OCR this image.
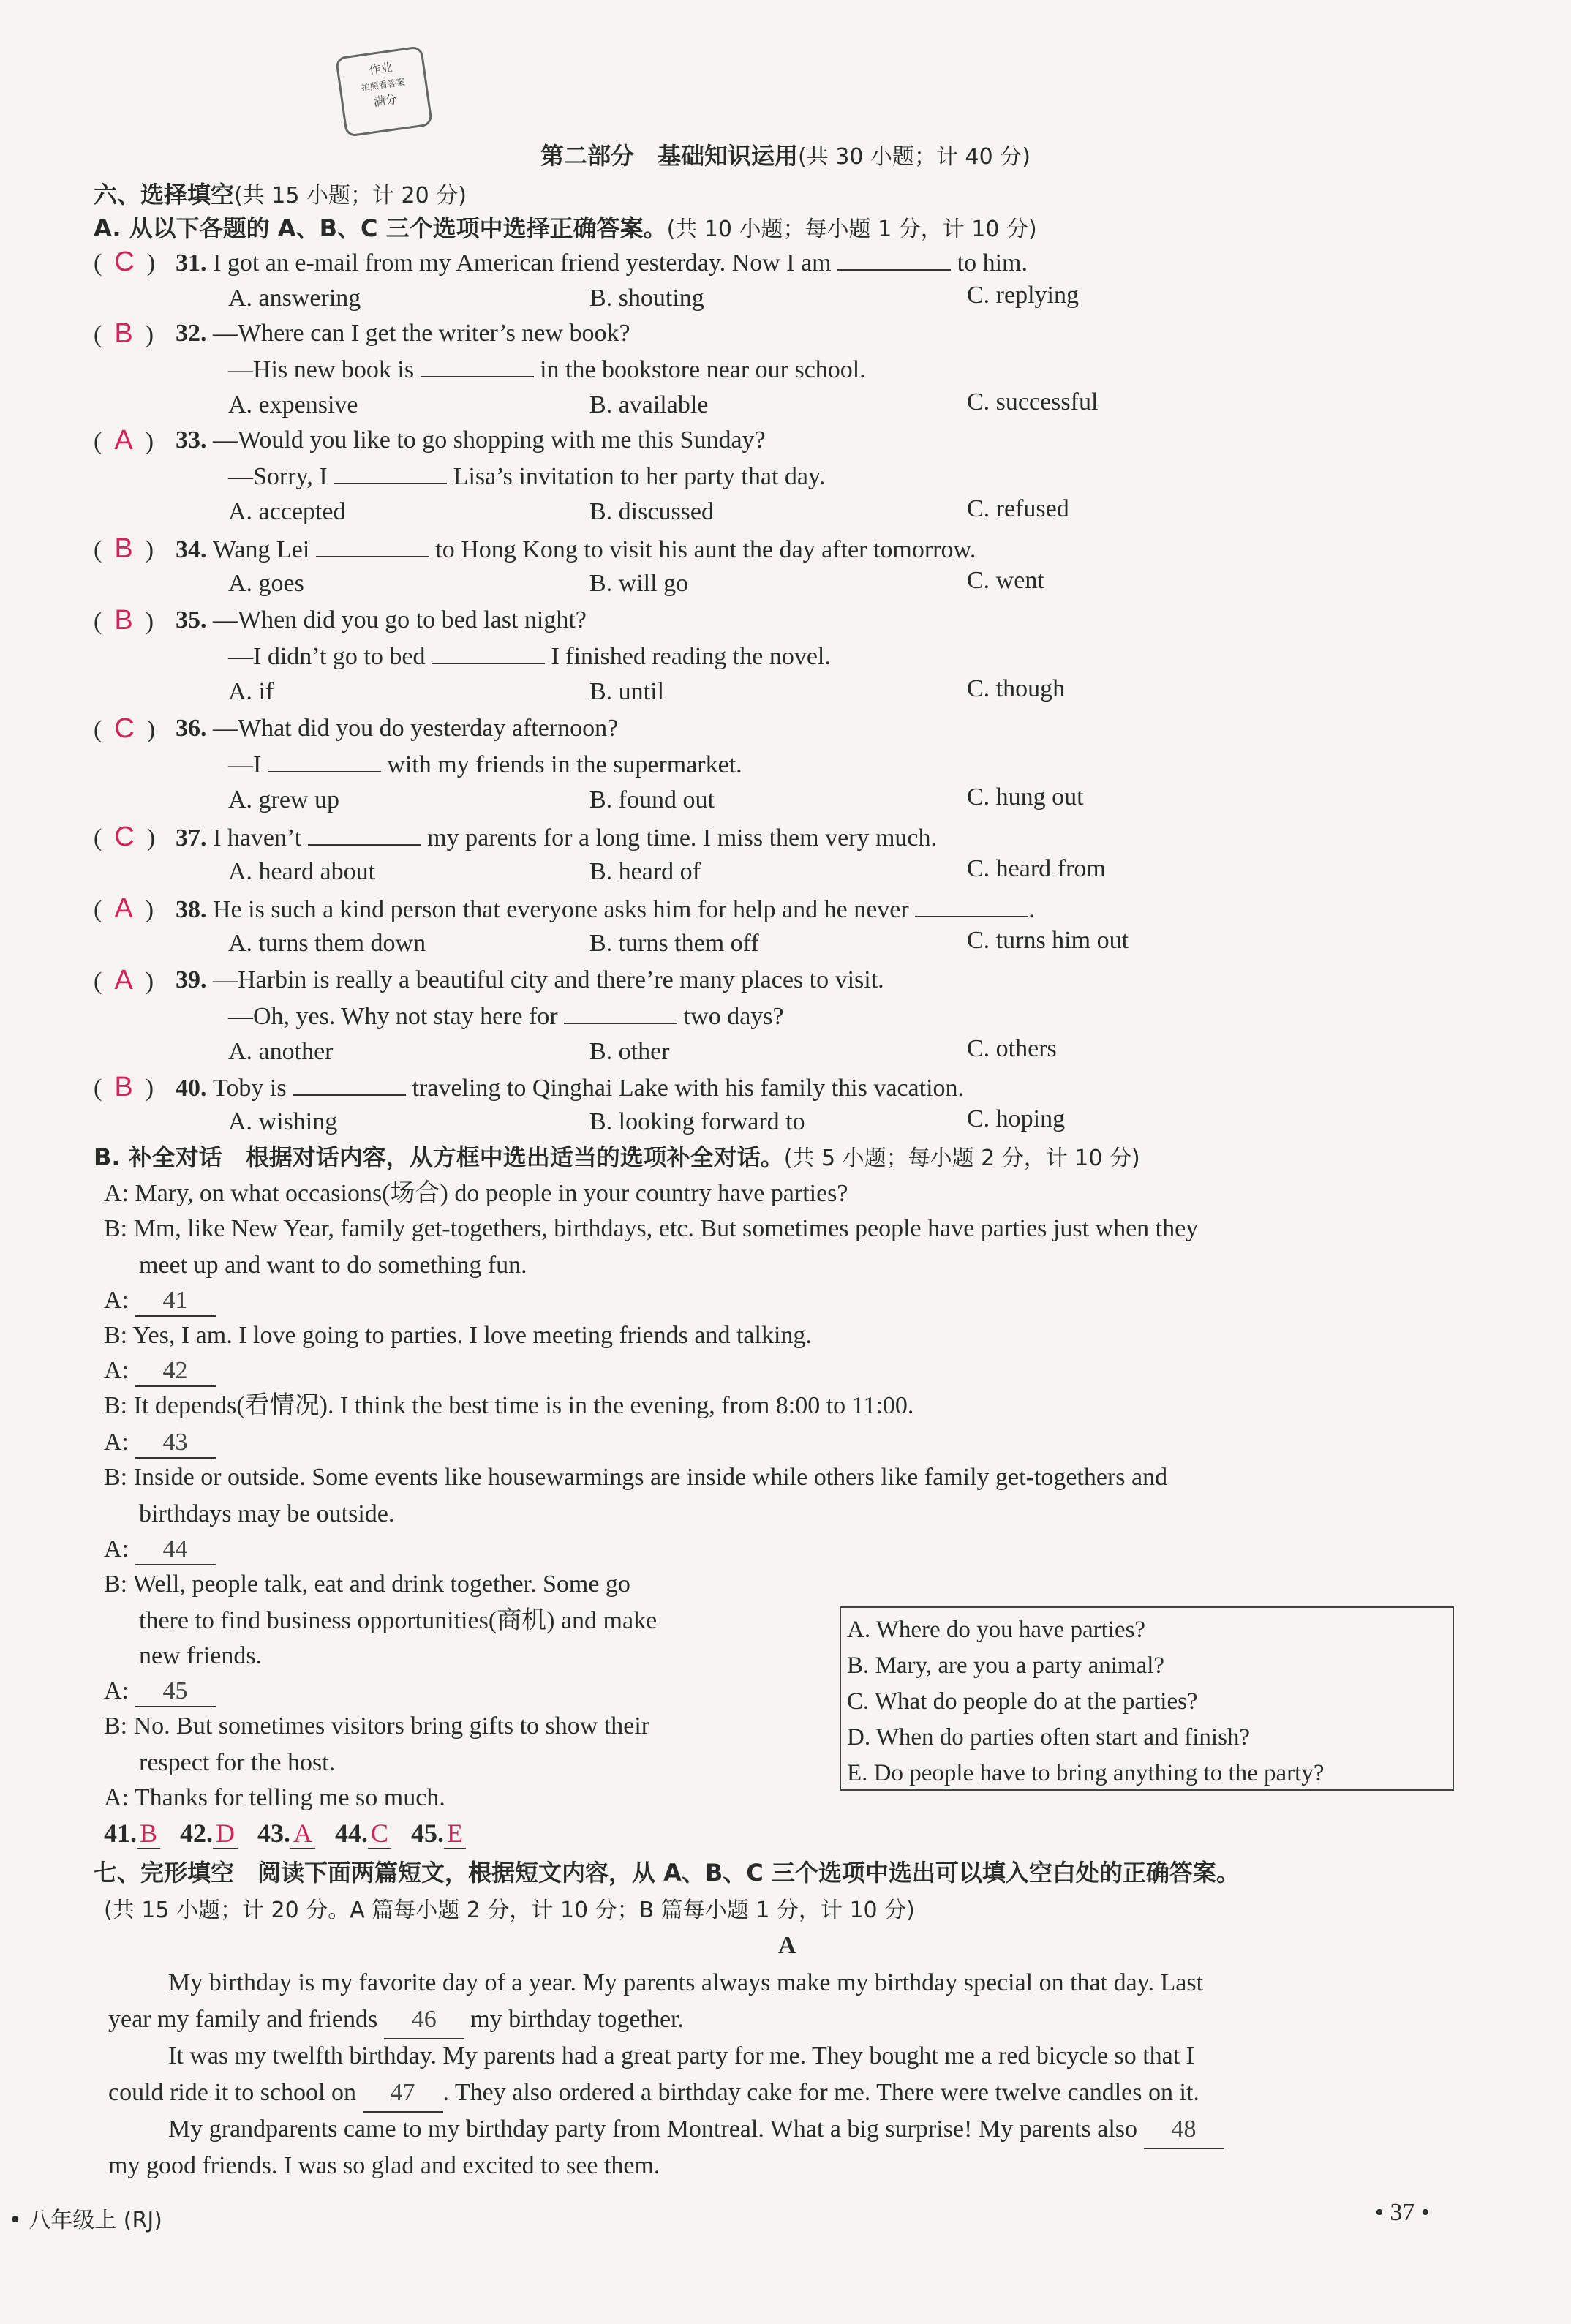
作业
拍照看答案
满分
第二部分　基础知识运用(共 30 小题；计 40 分)
六、选择填空(共 15 小题；计 20 分)
A. 从以下各题的 A、B、C 三个选项中选择正确答案。(共 10 小题；每小题 1 分，计 10 分)
(  C  ) 31. I got an e-mail from my American friend yesterday. Now I am	to him.
A. answering	B. shouting	C. replying
(  B  ) 32. —Where can I get the writer’s new book?
—His new book is	in the bookstore near our school.
A. expensive	B. available	C. successful
(  A  ) 33. —Would you like to go shopping with me this Sunday?
—Sorry, I	Lisa’s invitation to her party that day.
A. accepted	B. discussed	C. refused
(  B  ) 34. Wang Lei	to Hong Kong to visit his aunt the day after tomorrow.
A. goes	B. will go	C. went
(  B  ) 35. —When did you go to bed last night?
—I didn’t go to bed	I finished reading the novel.
A. if	B. until	C. though
(  C  ) 36. —What did you do yesterday afternoon?
—I	with my friends in the supermarket.
A. grew up	B. found out	C. hung out
(  C  ) 37. I haven’t	my parents for a long time. I miss them very much.
A. heard about	B. heard of	C. heard from
(  A  ) 38. He is such a kind person that everyone asks him for help and he never	.
A. turns them down	B. turns them off	C. turns him out
(  A  ) 39. —Harbin is really a beautiful city and there’re many places to visit.
—Oh, yes. Why not stay here for	two days?
A. another	B. other	C. others
(  B  ) 40. Toby is	traveling to Qinghai Lake with his family this vacation.
A. wishing	B. looking forward to	C. hoping
B. 补全对话　根据对话内容，从方框中选出适当的选项补全对话。(共 5 小题；每小题 2 分，计 10 分)
A: Mary, on what occasions(场合) do people in your country have parties?
B: Mm, like New Year, family get-togethers, birthdays, etc. But sometimes people have parties just when they
meet up and want to do something fun.
A: 41
B: Yes, I am. I love going to parties. I love meeting friends and talking.
A: 42
B: It depends(看情况). I think the best time is in the evening, from 8:00 to 11:00.
A: 43
B: Inside or outside. Some events like housewarmings are inside while others like family get-togethers and
birthdays may be outside.
A: 44
B: Well, people talk, eat and drink together. Some go
there to find business opportunities(商机) and make
new friends.
A: 45
B: No. But sometimes visitors bring gifts to show their
respect for the host.
A: Thanks for telling me so much.
A. Where do you have parties?
B. Mary, are you a party animal?
C. What do people do at the parties?
D. When do parties often start and finish?
E. Do people have to bring anything to the party?
41. B 42. D 43. A 44. C 45. E
七、完形填空　阅读下面两篇短文，根据短文内容，从 A、B、C 三个选项中选出可以填入空白处的正确答案。
(共 15 小题；计 20 分。A 篇每小题 2 分，计 10 分；B 篇每小题 1 分，计 10 分)
A
My birthday is my favorite day of a year. My parents always make my birthday special on that day. Last
year my family and friends 46 my birthday together.
It was my twelfth birthday. My parents had a great party for me. They bought me a red bicycle so that I
could ride it to school on 47 . They also ordered a birthday cake for me. There were twelve candles on it.
My grandparents came to my birthday party from Montreal. What a big surprise! My parents also 48
my good friends. I was so glad and excited to see them.
• 八年级上 (RJ)	• 37 •
